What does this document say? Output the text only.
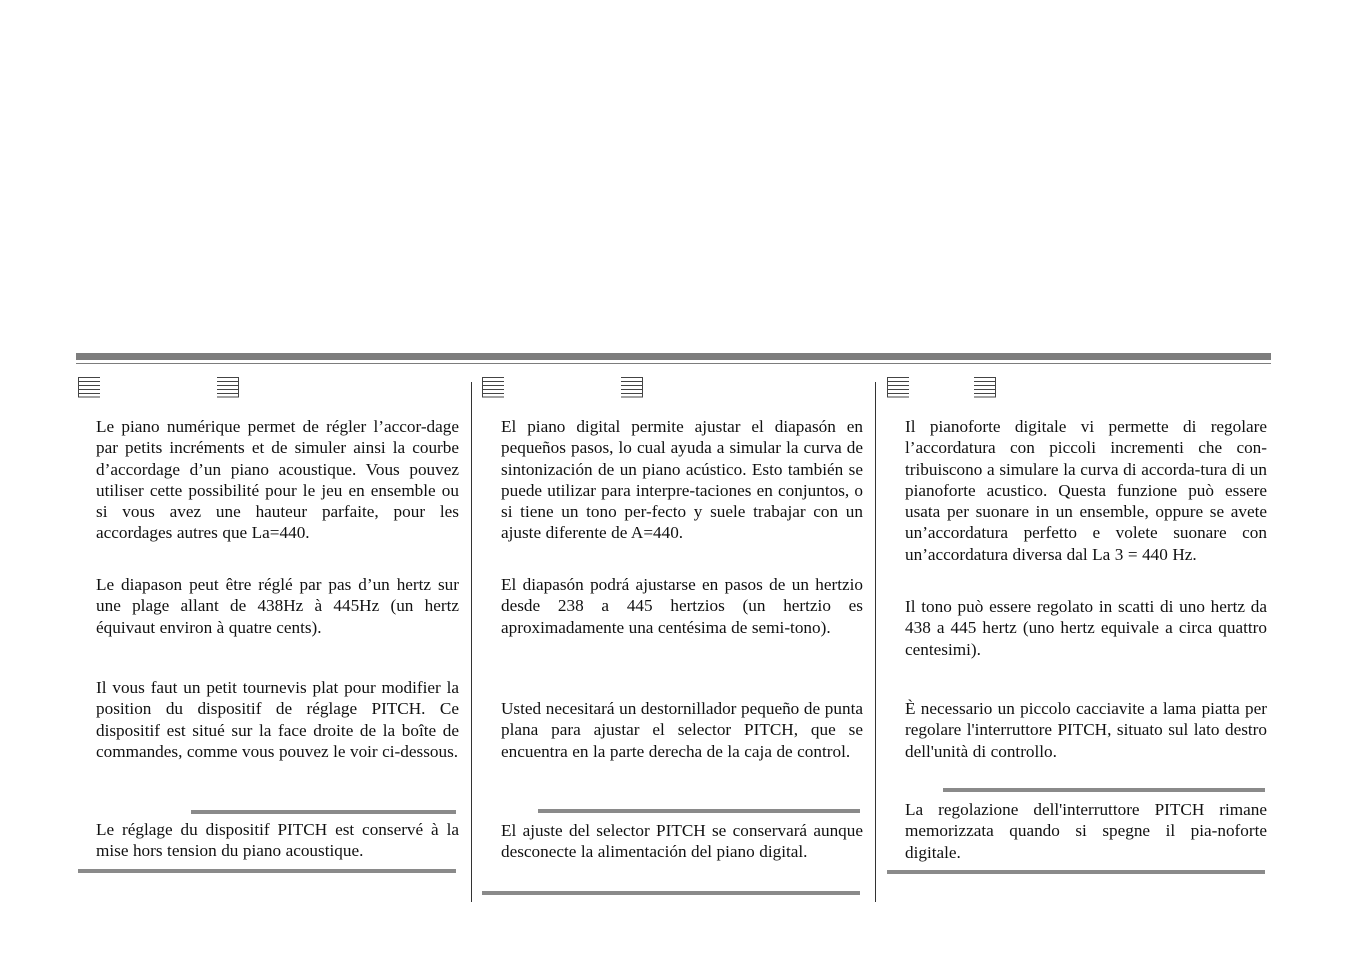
Le piano numérique permet de régler l’accor-dage par petits incréments et de simuler ainsi la courbe d’accordage d’un piano acoustique. Vous pouvez utiliser cette possibilité pour le jeu en ensemble ou si vous avez une hauteur parfaite, pour les accordages autres que La=440.

Le diapason peut être réglé par pas d’un hertz sur une plage allant de 438Hz à 445Hz (un hertz équivaut environ à quatre cents).

Il vous faut un petit tournevis plat pour modifier la position du dispositif de réglage PITCH. Ce dispositif est situé sur la face droite de la boîte de commandes, comme vous pouvez le voir ci-dessous.

Le réglage du dispositif PITCH est conservé à la mise hors tension du piano acoustique.

El piano digital permite ajustar el diapasón en pequeños pasos, lo cual ayuda a simular la curva de sintonización de un piano acústico. Esto también se puede utilizar para interpre-taciones en conjuntos, o si tiene un tono per-fecto y suele trabajar con un ajuste diferente de A=440.

El diapasón podrá ajustarse en pasos de un hertzio desde 238 a 445 hertzios (un hertzio es aproximadamente una centésima de semi-tono).

Usted necesitará un destornillador pequeño de punta plana para ajustar el selector PITCH, que se encuentra en la parte derecha de la caja de control.

El ajuste del selector PITCH se conservará aunque desconecte la alimentación del piano digital.

Il pianoforte digitale vi permette di regolare l’accordatura con piccoli incrementi che con-tribuiscono a simulare la curva di accorda-tura di un pianoforte acustico. Questa funzione può essere usata per suonare in un ensemble, oppure se avete un’accordatura perfetto e volete suonare con un’accordatura diversa dal La 3 = 440 Hz.

Il tono può essere regolato in scatti di uno hertz da 438 a 445 hertz (uno hertz equivale a circa quattro centesimi).

È necessario un piccolo cacciavite a lama piatta per regolare l'interruttore PITCH, situato sul lato destro dell'unità di controllo.

La regolazione dell'interruttore PITCH rimane memorizzata quando si spegne il pia-noforte digitale.
